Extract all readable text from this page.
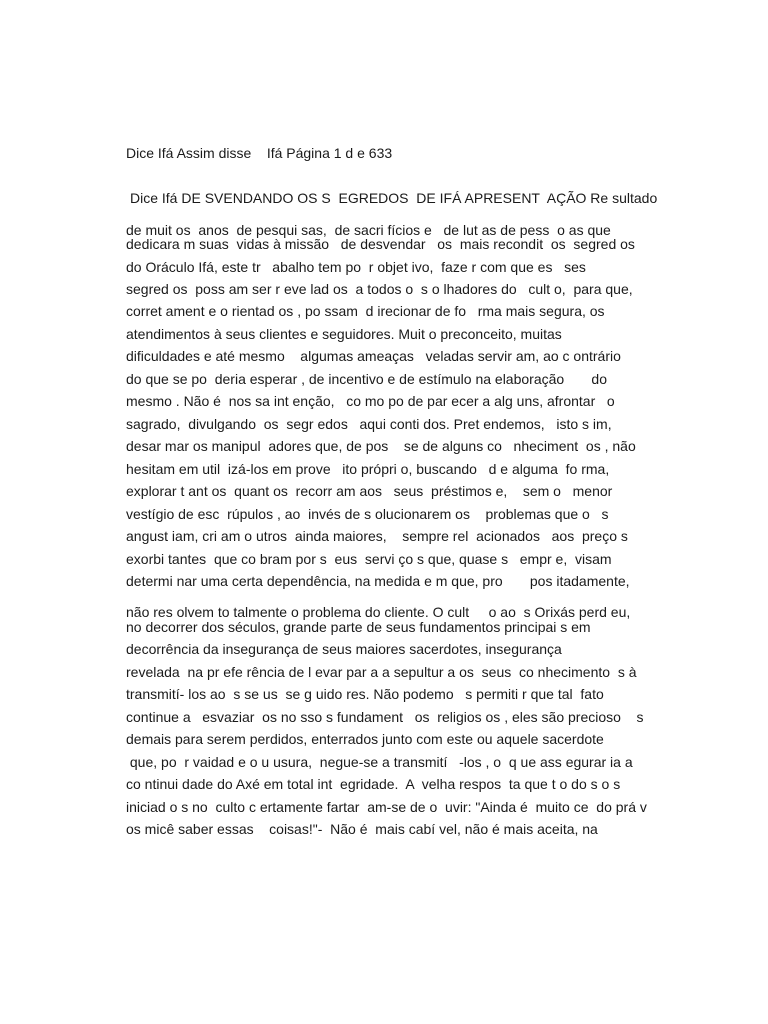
Dice Ifá Assim disse    Ifá Página 1 d e 633
Dice Ifá DE SVENDANDO OS S  EGREDOS  DE IFÁ APRESENT  AÇÃO Re sultado
de muit os  anos  de pesqui sas,  de sacri fícios e   de lut as de pess  o as que
dedicara m suas  vidas à missão   de desvendar   os  mais recondit  os  segred os
do Oráculo Ifá, este tr   abalho tem po  r objet ivo,  faze r com que es   ses
segred os  poss am ser r eve lad os  a todos o  s o lhadores do   cult o,  para que,
corret ament e o rientad os , po ssam  d irecionar de fo   rma mais segura, os
atendimentos à seus clientes e seguidores. Muit o preconceito, muitas
dificuldades e até mesmo    algumas ameaças   veladas servir am, ao c ontrário
do que se po  deria esperar , de incentivo e de estímulo na elaboração       do
mesmo . Não é  nos sa int enção,   co mo po de par ecer a alg uns, afrontar   o
sagrado,  divulgando  os  segr edos   aqui conti dos. Pret endemos,   isto s im,
desar mar os manipul  adores que, de pos    se de alguns co   nheciment  os , não
hesitam em util  izá-los em prove   ito própri o, buscando   d e alguma  fo rma,
explorar t ant os  quant os  recorr am aos   seus  préstimos e,    sem o   menor
vestígio de esc  rúpulos , ao  invés de s olucionarem os    problemas que o   s
angust iam, cri am o utros  ainda maiores,    sempre rel  acionados   aos  preço s
exorbi tantes  que co bram por s  eus  servi ço s que, quase s   empr e,  visam
determi nar uma certa dependência, na medida e m que, pro       pos itadamente,
não res olvem to talmente o problema do cliente. O cult     o ao  s Orixás perd eu,
no decorrer dos séculos, grande parte de seus fundamentos principai s em
decorrência da insegurança de seus maiores sacerdotes, insegurança
revelada  na pr efe rência de l evar par a a sepultur a os  seus  co nhecimento  s à
transmití- los ao  s se us  se g uido res. Não podemo   s permiti r que tal  fato
continue a   esvaziar  os no sso s fundament   os  religios os , eles são precioso    s
demais para serem perdidos, enterrados junto com este ou aquele sacerdote
que, po  r vaidad e o u usura,  negue-se a transmití   -los , o  q ue ass egurar ia a
co ntinui dade do Axé em total int  egridade.  A  velha respos  ta que t o do s o s
iniciad o s no  culto c ertamente fartar  am-se de o  uvir: "Ainda é  muito ce  do prá v
os micê saber essas    coisas!"-  Não é  mais cabí vel, não é mais aceita, na
